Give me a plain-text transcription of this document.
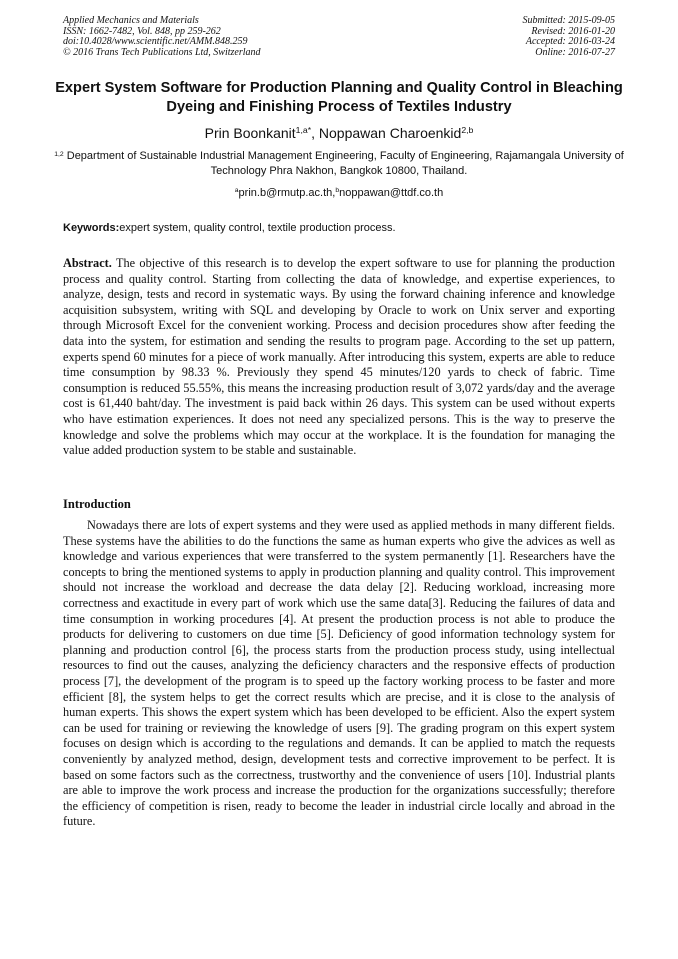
Applied Mechanics and Materials
ISSN: 1662-7482, Vol. 848, pp 259-262
doi:10.4028/www.scientific.net/AMM.848.259
© 2016 Trans Tech Publications Ltd, Switzerland
Submitted: 2015-09-05
Revised: 2016-01-20
Accepted: 2016-03-24
Online: 2016-07-27
Expert System Software for Production Planning and Quality Control in Bleaching Dyeing and Finishing Process of Textiles Industry
Prin Boonkanit$^{1,a*}$, Noppawan Charoenkid$^{2,b}$
$^{1,2}$ Department of Sustainable Industrial Management Engineering, Faculty of Engineering, Rajamangala University of Technology Phra Nakhon, Bangkok 10800, Thailand.
$^a$prin.b@rmutp.ac.th,$^b$noppawan@ttdf.co.th
Keywords:expert system, quality control, textile production process.

Abstract. The objective of this research is to develop the expert software to use for planning the production process and quality control. Starting from collecting the data of knowledge, and expertise experiences, to analyze, design, tests and record in systematic ways. By using the forward chaining inference and knowledge acquisition subsystem, writing with SQL and developing by Oracle to work on Unix server and exporting through Microsoft Excel for the convenient working. Process and decision procedures show after feeding the data into the system, for estimation and sending the results to program page. According to the set up pattern, experts spend 60 minutes for a piece of work manually. After introducing this system, experts are able to reduce time consumption by 98.33 %. Previously they spend 45 minutes/120 yards to check of fabric. Time consumption is reduced 55.55%, this means the increasing production result of 3,072 yards/day and the average cost is 61,440 baht/day. The investment is paid back within 26 days. This system can be used without experts who have estimation experiences. It does not need any specialized persons. This is the way to preserve the knowledge and solve the problems which may occur at the workplace. It is the foundation for managing the value added production system to be stable and sustainable.

Introduction

Nowadays there are lots of expert systems and they were used as applied methods in many different fields. These systems have the abilities to do the functions the same as human experts who give the advices as well as knowledge and various experiences that were transferred to the system permanently [1]. Researchers have the concepts to bring the mentioned systems to apply in production planning and quality control. This improvement should not increase the workload and decrease the data delay [2]. Reducing workload, increasing more correctness and exactitude in every part of work which use the same data[3]. Reducing the failures of data and time consumption in working procedures [4]. At present the production process is not able to produce the products for delivering to customers on due time [5]. Deficiency of good information technology system for planning and production control [6], the process starts from the production process study, using intellectual resources to find out the causes, analyzing the deficiency characters and the responsive effects of production process [7], the development of the program is to speed up the factory working process to be faster and more efficient [8], the system helps to get the correct results which are precise, and it is close to the analysis of human experts. This shows the expert system which has been developed to be efficient. Also the expert system can be used for training or reviewing the knowledge of users [9]. The grading program on this expert system focuses on design which is according to the regulations and demands. It can be applied to match the requests conveniently by analyzed method, design, development tests and corrective improvement to be perfect. It is based on some factors such as the correctness, trustworthy and the convenience of users [10]. Industrial plants are able to improve the work process and increase the production for the organizations successfully; therefore the efficiency of competition is risen, ready to become the leader in industrial circle locally and abroad in the future.
